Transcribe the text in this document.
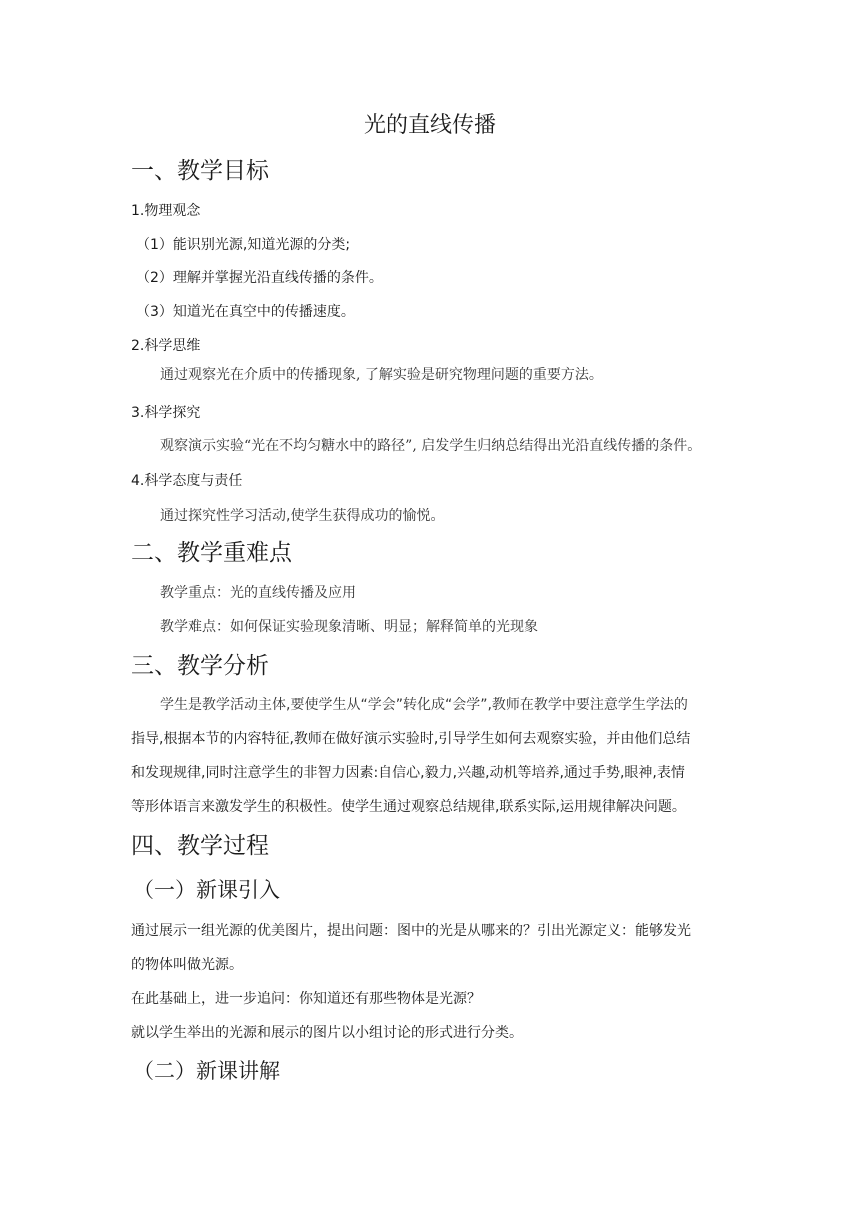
光的直线传播
一、教学目标
1.物理观念
（1）能识别光源,知道光源的分类;
（2）理解并掌握光沿直线传播的条件。
（3）知道光在真空中的传播速度。
2.科学思维
通过观察光在介质中的传播现象, 了解实验是研究物理问题的重要方法。
3.科学探究
观察演示实验“光在不均匀糖水中的路径”, 启发学生归纳总结得出光沿直线传播的条件。
4.科学态度与责任
通过探究性学习活动,使学生获得成功的愉悦。
二、教学重难点
教学重点：光的直线传播及应用
教学难点：如何保证实验现象清晰、明显；解释简单的光现象
三、教学分析
学生是教学活动主体,要使学生从“学会”转化成“会学”,教师在教学中要注意学生学法的
指导,根据本节的内容特征,教师在做好演示实验时,引导学生如何去观察实验，并由他们总结
和发现规律,同时注意学生的非智力因素:自信心,毅力,兴趣,动机等培养,通过手势,眼神,表情
等形体语言来激发学生的积极性。使学生通过观察总结规律,联系实际,运用规律解决问题。
四、教学过程
（一）新课引入
通过展示一组光源的优美图片，提出问题：图中的光是从哪来的？引出光源定义：能够发光
的物体叫做光源。
在此基础上，进一步追问：你知道还有那些物体是光源？
就以学生举出的光源和展示的图片以小组讨论的形式进行分类。
（二）新课讲解
